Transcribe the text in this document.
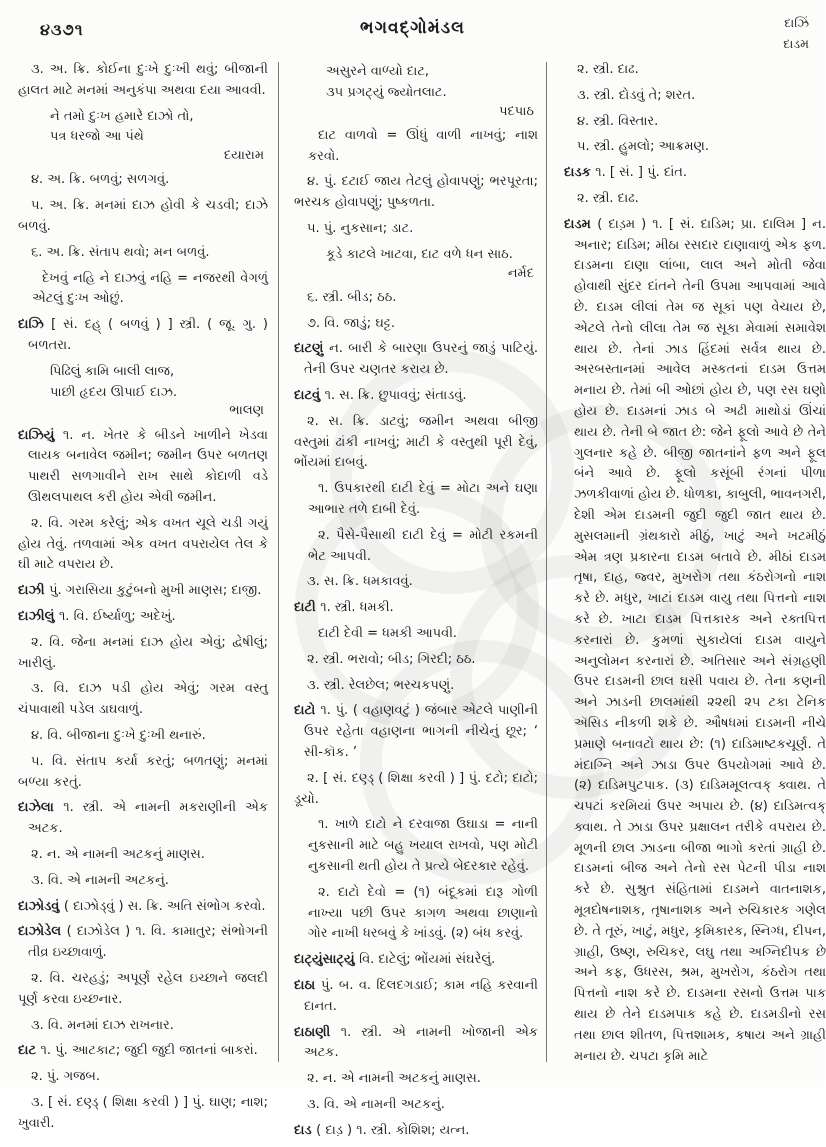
૪૩૭૧	ભગવદ્ગોમંડલ	દાઝિં
દાડમ

૩. અ. ક્રિ. કોઈના દુઃખે દુઃખી થવું; બીજાની હાલત માટે મનમાં અનુકંપા અથવા દયા આવવી.

ને તમો દુઃખ હમારે દાઝો તો,
પત્ર ધરજો આ પંથે
દયારામ

૪. અ. ક્રિ. બળવું; સળગવું.

૫. અ. ક્રિ. મનમાં દાઝ હોવી કે ચડવી; દાઝે બળવું.

૬. અ. ક્રિ. સંતાપ થવો; મન બળવું.

દેખવું નહિ ને દાઝવું નહિ = નજરથી વેગળું એટલું દુઃખ ઓછું.

દાઝિ [ સં. દહ્ ( બળવું ) ] સ્ત્રી. ( જૂ. ગુ. ) બળતરા.

પિઢિલું કામિ બાલી લાજ,
પાછી હૃદય ઊપાઈ દાઝ.
ભાલણ

દાઝિયું ૧. ન. ખેતર કે બીડને ખાળીને ખેડવા લાયક બનાવેલ જમીન; જમીન ઉપર બળતણ પાથરી સળગાવીને રાખ સાથે કોદાળી વડે ઊથલપાથલ કરી હોય એવી જમીન.

૨. વિ. ગરમ કરેલું; એક વખત ચૂલે ચડી ગયું હોય તેવું. તળવામાં એક વખત વપરાયેલ તેલ કે ઘી માટે વપરાય છે.

દાઝી પું. ગરાસિયા કુટુંબનો મુખી માણસ; દાજી.

દાઝીલું ૧. વિ. ઈર્ષ્યાળુ; અદેખું.

૨. વિ. જેના મનમાં દાઝ હોય એવું; દ્વેષીલું; ખારીલું.

૩. વિ. દાઝ પડી હોય એવું; ગરમ વસ્તુ ચંપાવાથી પડેલ ડાઘવાળું.

૪. વિ. બીજાના દુઃખે દુઃખી થનારું.

૫. વિ. સંતાપ કર્યા કરતું; બળતણું; મનમાં બળ્યા કરતું.

દાઝેલા ૧. સ્ત્રી. એ નામની મકરાણીની એક અટક.

૨. ન. એ નામની અટકનું માણસ.

૩. વિ. એ નામની અટકનું.

દાઝોડવું ( દાઝોડ્વું ) સ. ક્રિ. અતિ સંભોગ કરવો.

દાઝોડેલ ( દાઝોડેલ ) ૧. વિ. કામાતુર; સંભોગની તીવ્ર ઇચ્છાવાળું.

૨. વિ. ચરહડું; અપૂર્ણ રહેલ ઇચ્છાને જલદી પૂર્ણ કરવા ઇચ્છનાર.

૩. વિ. મનમાં દાઝ રાખનાર.

દાટ ૧. પું. આટકાટ; જુદી જુદી જાતનાં બાકરાં.

૨. પું. ગજબ.

૩. [ સં. દણ્ડ્ ( શિક્ષા કરવી ) ] પું. ઘાણ; નાશ; ખુવારી.

અસુરને વાળ્યો દાટ,
૩૫ પ્રગટ્યું જ્યોતલાટ.
પદપાઠ

દાટ વાળવો = ઊંધું વાળી નાખવું; નાશ કરવો.

૪. પું. દટાઈ જાય તેટલું હોવાપણું; ભરપૂરતા; ભરચક હોવાપણું; પુષ્કળતા.

૫. પું. નુકસાન; ડાટ.

કૂડે કાટલે ખાટવા, દાટ વળે ધન સાઠ.
નર્મદ

૬. સ્ત્રી. બીડ; ઠઠ.

૭. વિ. જાડું; ઘટ્ટ.

દાટણું ન. બારી કે બારણા ઉપરનું જાડું પાટિયું. તેની ઉપર ચણતર કરાય છે.

દાટવું ૧. સ. ક્રિ. છુપાવવું; સંતાડવું.

૨. સ. ક્રિ. ડાટવું; જમીન અથવા બીજી વસ્તુમાં ઢાંકી નાખવું; માટી કે વસ્તુથી પૂરી દેવું, ભોંયમાં દાબવું.

૧. ઉપકારથી દાટી દેવું = મોટા અને ઘણા આભાર તળે દાબી દેવું.

૨. પૈસે-પૈસાથી દાટી દેવું = મોટી રકમની ભેટ આપવી.

૩. સ. ક્રિ. ધમકાવવું.

દાટી ૧. સ્ત્રી. ધમકી.

દાટી દેવી = ધમકી આપવી.

૨. સ્ત્રી. ભરાવો; બીડ; ગિરદી; ઠઠ.

૩. સ્ત્રી. રેલછેલ; ભરચકપણું.

દાટો ૧. પું. ( વહાણવટું ) જંબાર એટલે પાણીની ઉપર રહેતા વહાણના ભાગની નીચેનું છૂર; ‘ સી-કૉક. ’

૨. [ સં. દણ્ડ્ ( શિક્ષા કરવી ) ] પું. દટો; દાટો; ડૂચો.

૧. ખાળે દાટો ને દરવાજા ઉઘાડા = નાની નુકસાની માટે બહુ ખયાલ રાખવો, પણ મોટી નુકસાની થતી હોય તે પ્રત્યે બેદરકાર રહેવું.

૨. દાટો દેવો = (૧) બંદૂકમાં દારૂ ગોળી નાખ્યા પછી ઉપર કાગળ અથવા છાણાનો ગોર નાખી ધરબવું કે ખાંડવું. (૨) બંધ કરવું.

દાટ્યુંસાટ્યું વિ. દાટેલું; ભોંયમાં સંઘરેલું.

દાઠા પું. બ. વ. દિલદગડાઈ; કામ નહિ કરવાની દાનત.

દાઠાણી ૧. સ્ત્રી. એ નામની ખોજાની એક અટક.

૨. ન. એ નામની અટકનું માણસ.

૩. વિ. એ નામની અટકનું.

દાડ ( દાડ઼ ) ૧. સ્ત્રી. કોશિશ; યત્ન.

૨. સ્ત્રી. દાઢ.

૩. સ્ત્રી. દોડવું તે; શરત.

૪. સ્ત્રી. વિસ્તાર.

૫. સ્ત્રી. હુમલો; આક્રમણ.

દાડક ૧. [ સં. ] પું. દાંત.

૨. સ્ત્રી. દાઢ.

દાડમ ( દાડ઼મ ) ૧. [ સં. દાડિમ; પ્રા. દાલિમ ] ન. અનાર; દાડિમ; મીઠા રસદાર દાણાવાળું એક ફળ. દાડમના દાણા લાંબા, લાલ અને મોતી જેવા હોવાથી સુંદર દાંતને તેની ઉપમા આપવામાં આવે છે. દાડમ લીલાં તેમ જ સૂકાં પણ વેચાય છે, એટલે તેનો લીલા તેમ જ સૂકા મેવામાં સમાવેશ થાય છે. તેનાં ઝાડ હિંદમાં સર્વત્ર થાય છે. અરબસ્તાનમાં આવેલ મસ્કતનાં દાડમ ઉત્તમ મનાય છે. તેમાં બી ઓછાં હોય છે, પણ રસ ઘણો હોય છે. દાડમનાં ઝાડ બે અઢી માથોડાં ઊંચાં થાય છે. તેની બે જાત છે: જેને ફૂલો આવે છે તેને ગુલનાર કહે છે. બીજી જાતનાંને ફળ અને ફૂલ બંને આવે છે. ફૂલો કસૂંબી રંગનાં પીળા ઝળકીવાળાં હોય છે. ધોળકા, કાબુલી, ભાવનગરી, દેશી એમ દાડમની જુદી જુદી જાત થાય છે. મુસલમાની ગ્રંથકારો મીઠું, ખાટું અને ખટમીઠું એમ ત્રણ પ્રકારના દાડમ બતાવે છે. મીઠાં દાડમ તૃષા, દાહ, જ્વર, મુખરોગ તથા કંઠરોગનો નાશ કરે છે. મધુર, ખાટાં દાડમ વાયુ તથા પિત્તનો નાશ કરે છે. ખાટા દાડમ પિત્તકારક અને રક્તપિત્ત કરનારાં છે. કુમળાં સુકાયેલાં દાડમ વાયુને અનુલોમન કરનારાં છે. અતિસાર અને સંગ્રહણી ઉપર દાડમની છાલ ઘસી પવાય છે. તેના કણની અને ઝાડની છાલમાંથી ૨૨થી ૨૫ ટકા ટેનિક ઍસિડ નીકળી શકે છે. ઔષધમાં દાડમની નીચે પ્રમાણે બનાવટો થાય છે: (૧) દાડિમાષ્ટકચૂર્ણ. તે મંદાગ્નિ અને ઝાડા ઉપર ઉપયોગમાં આવે છે. (૨) દાડિમપુટપાક. (૩) દાડિમમૂલત્વક્ ક્વાથ. તે ચપટાં કરમિયાં ઉપર અપાય છે. (૪) દાડિમત્વક્ ક્વાથ. તે ઝાડા ઉપર પ્રક્ષાલન તરીકે વપરાય છે. મૂળની છાલ ઝાડના બીજા ભાગો કરતાં ગ્રાહી છે. દાડમનાં બીજ અને તેનો રસ પેટની પીડા નાશ કરે છે. સુશ્રુત સંહિતામાં દાડમને વાતનાશક, મૂત્રદોષનાશક, તૃષાનાશક અને રુચિકારક ગણેલ છે. તે તૂરું, ખાટું, મધુર, કૃમિકારક, સ્નિગ્ધ, દીપન, ગ્રાહી, ઉષ્ણ, રુચિકર, લઘુ તથા અગ્નિદીપક છે અને કફ, ઉધરસ, શ્રમ, મુખરોગ, કંઠરોગ તથા પિત્તનો નાશ કરે છે. દાડમના રસનો ઉત્તમ પાક થાય છે તેને દાડમપાક કહે છે. દાડમડીનો રસ તથા છાલ શીતળ, પિત્તશામક, કષાય અને ગ્રાહી મનાય છે. ચપટા કૃમિ માટે
